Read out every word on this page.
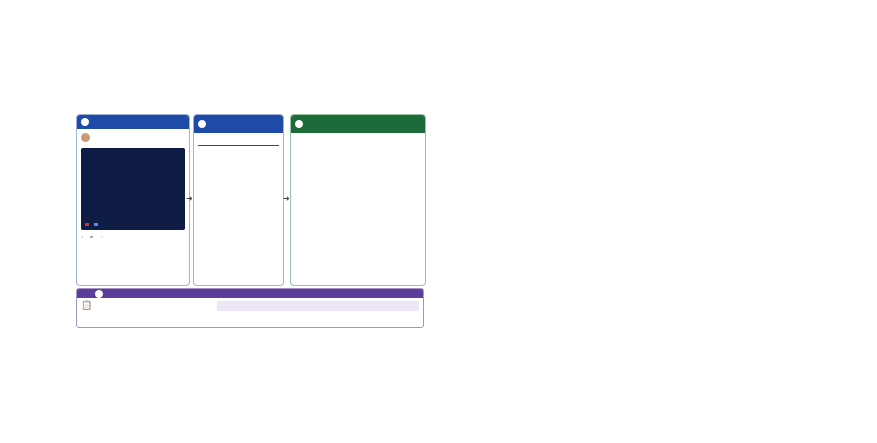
○ ⇄ ♡
➜	➜

📋
